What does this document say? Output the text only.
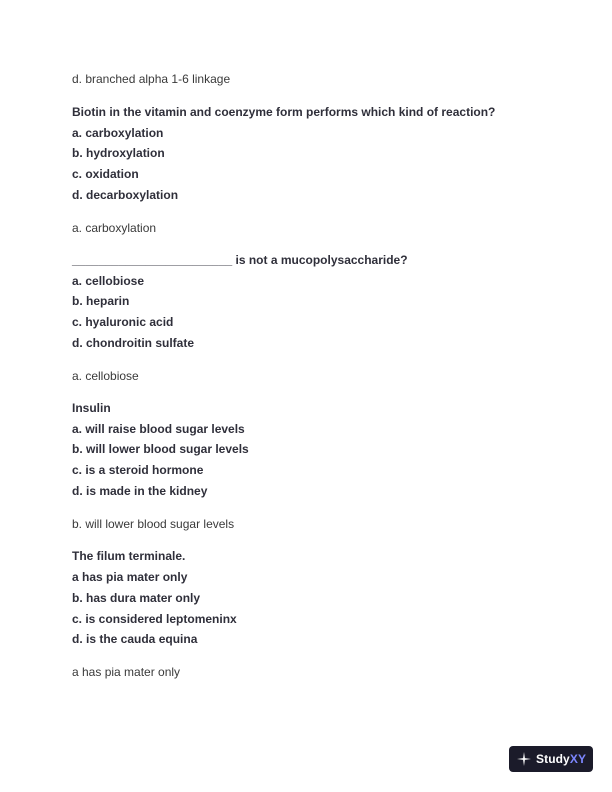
d. branched alpha 1-6 linkage
Biotin in the vitamin and coenzyme form performs which kind of reaction?
a. carboxylation
b. hydroxylation
c. oxidation
d. decarboxylation
a. carboxylation
________________________ is not a mucopolysaccharide?
a. cellobiose
b. heparin
c. hyaluronic acid
d. chondroitin sulfate
a. cellobiose
Insulin
a. will raise blood sugar levels
b. will lower blood sugar levels
c. is a steroid hormone
d. is made in the kidney
b. will lower blood sugar levels
The filum terminale.
a has pia mater only
b. has dura mater only
c. is considered leptomeninx
d. is the cauda equina
a has pia mater only
StudyXY
